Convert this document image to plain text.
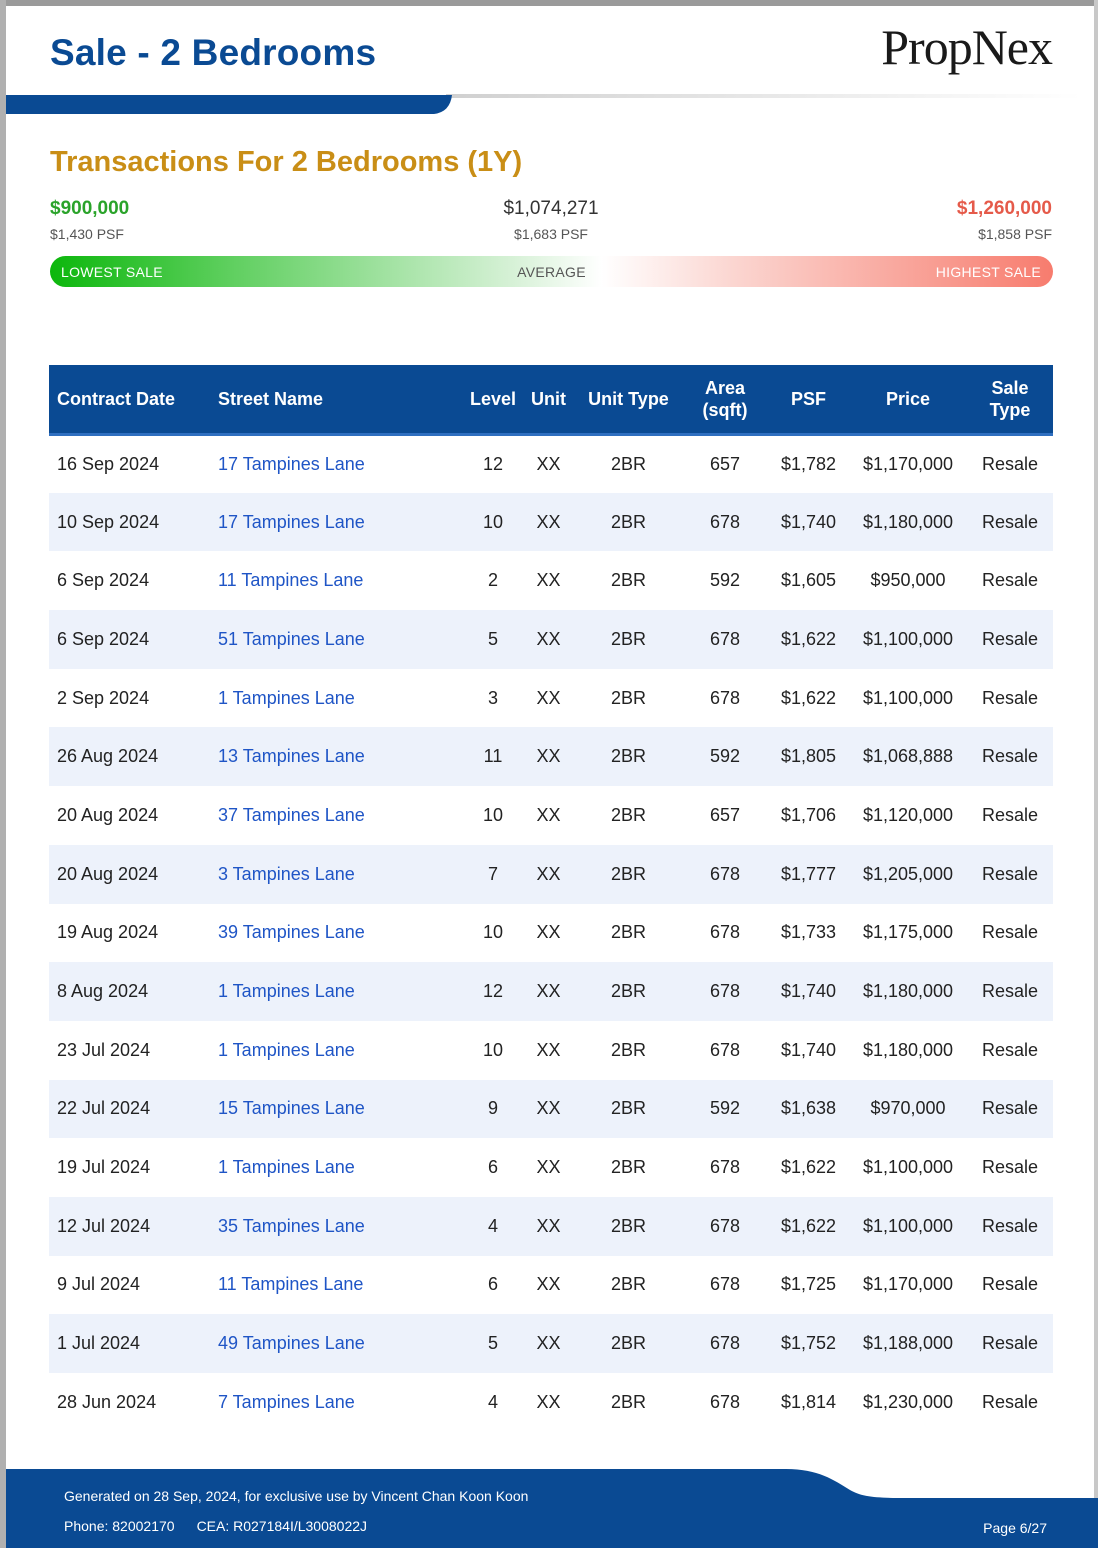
Sale - 2 Bedrooms	PropNex
Transactions For 2 Bedrooms (1Y)
$900,000
$1,430 PSF
$1,074,271
$1,683 PSF
$1,260,000
$1,858 PSF
AVERAGE
LOWEST SALE	HIGHEST SALE
Contract Date	Street Name	Level	Unit	Unit Type	Area (sqft)	PSF	Price	Sale Type
16 Sep 2024	17 Tampines Lane	12	XX	2BR	657	$1,782	$1,170,000	Resale
10 Sep 2024	17 Tampines Lane	10	XX	2BR	678	$1,740	$1,180,000	Resale
6 Sep 2024	11 Tampines Lane	2	XX	2BR	592	$1,605	$950,000	Resale
6 Sep 2024	51 Tampines Lane	5	XX	2BR	678	$1,622	$1,100,000	Resale
2 Sep 2024	1 Tampines Lane	3	XX	2BR	678	$1,622	$1,100,000	Resale
26 Aug 2024	13 Tampines Lane	11	XX	2BR	592	$1,805	$1,068,888	Resale
20 Aug 2024	37 Tampines Lane	10	XX	2BR	657	$1,706	$1,120,000	Resale
20 Aug 2024	3 Tampines Lane	7	XX	2BR	678	$1,777	$1,205,000	Resale
19 Aug 2024	39 Tampines Lane	10	XX	2BR	678	$1,733	$1,175,000	Resale
8 Aug 2024	1 Tampines Lane	12	XX	2BR	678	$1,740	$1,180,000	Resale
23 Jul 2024	1 Tampines Lane	10	XX	2BR	678	$1,740	$1,180,000	Resale
22 Jul 2024	15 Tampines Lane	9	XX	2BR	592	$1,638	$970,000	Resale
19 Jul 2024	1 Tampines Lane	6	XX	2BR	678	$1,622	$1,100,000	Resale
12 Jul 2024	35 Tampines Lane	4	XX	2BR	678	$1,622	$1,100,000	Resale
9 Jul 2024	11 Tampines Lane	6	XX	2BR	678	$1,725	$1,170,000	Resale
1 Jul 2024	49 Tampines Lane	5	XX	2BR	678	$1,752	$1,188,000	Resale
28 Jun 2024	7 Tampines Lane	4	XX	2BR	678	$1,814	$1,230,000	Resale
Generated on 28 Sep, 2024, for exclusive use by Vincent Chan Koon Koon
Phone: 82002170 CEA: R027184I/L3008022J	Page 6/27
